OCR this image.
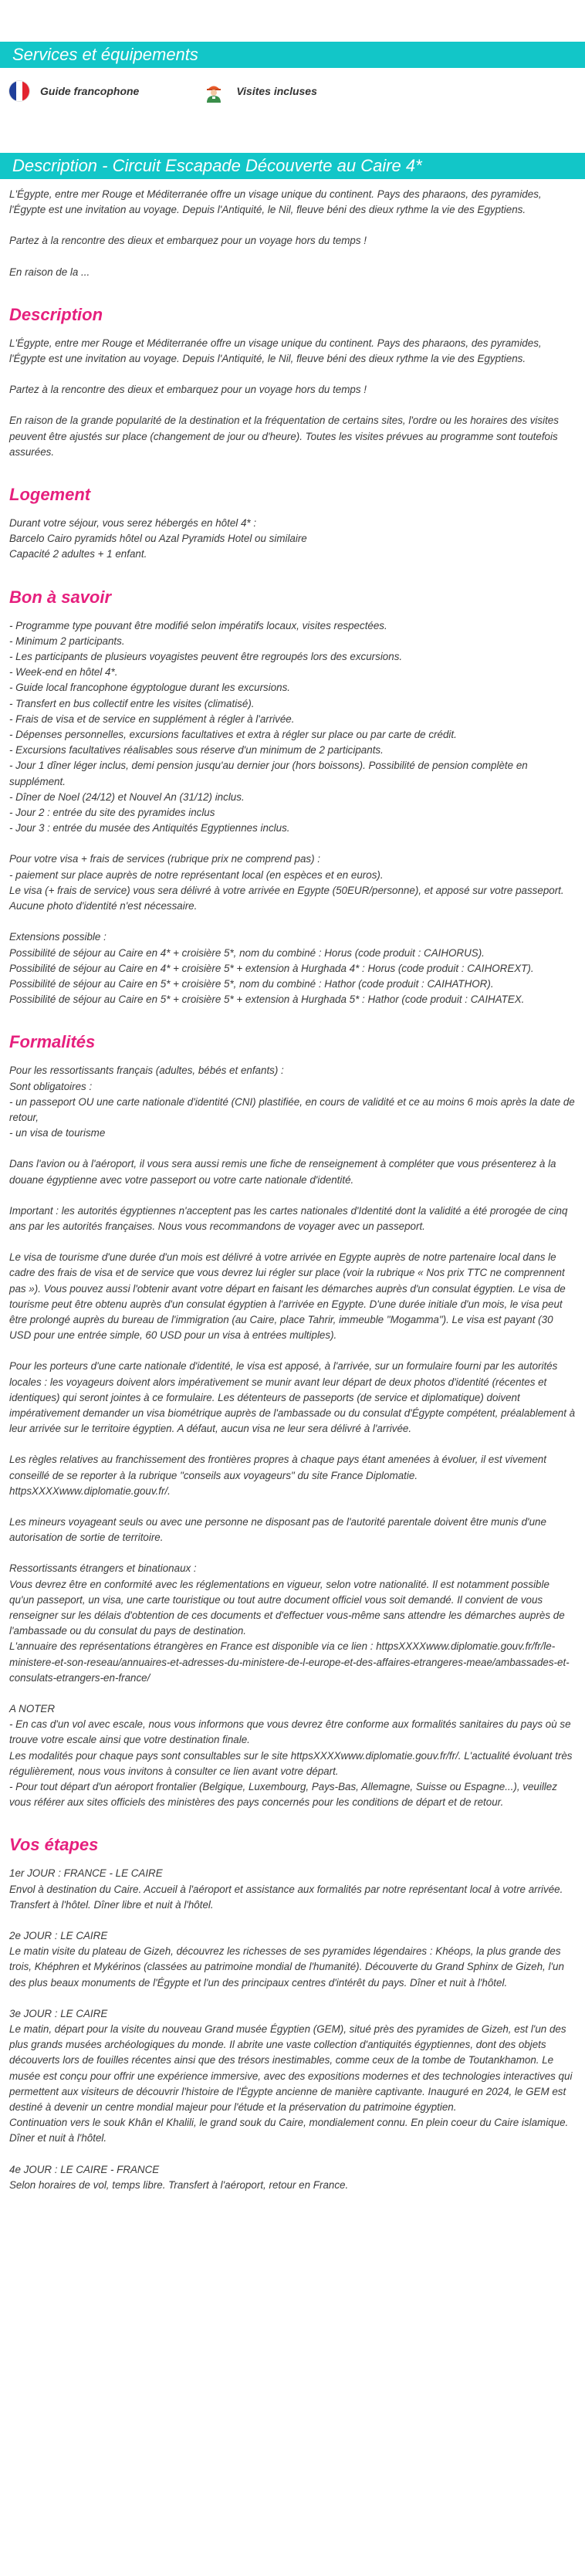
Services et équipements
Guide francophone	Visites incluses
Description - Circuit Escapade Découverte au Caire 4*

L'Égypte, entre mer Rouge et Méditerranée offre un visage unique du continent. Pays des pharaons, des pyramides, l'Égypte est une invitation au voyage. Depuis l'Antiquité, le Nil, fleuve béni des dieux rythme la vie des Egyptiens.

Partez à la rencontre des dieux et embarquez pour un voyage hors du temps !

En raison de la ...

Description

L'Égypte, entre mer Rouge et Méditerranée offre un visage unique du continent. Pays des pharaons, des pyramides, l'Égypte est une invitation au voyage. Depuis l'Antiquité, le Nil, fleuve béni des dieux rythme la vie des Egyptiens.

Partez à la rencontre des dieux et embarquez pour un voyage hors du temps !

En raison de la grande popularité de la destination et la fréquentation de certains sites, l'ordre ou les horaires des visites peuvent être ajustés sur place (changement de jour ou d'heure). Toutes les visites prévues au programme sont toutefois assurées.

Logement

Durant votre séjour, vous serez hébergés en hôtel 4* :
Barcelo Cairo pyramids hôtel ou Azal Pyramids Hotel ou similaire
Capacité 2 adultes + 1 enfant.

Bon à savoir

- Programme type pouvant être modifié selon impératifs locaux, visites respectées.
- Minimum 2 participants.
- Les participants de plusieurs voyagistes peuvent être regroupés lors des excursions.
- Week-end en hôtel 4*.
- Guide local francophone égyptologue durant les excursions.
- Transfert en bus collectif entre les visites (climatisé).
- Frais de visa et de service en supplément à régler à l'arrivée.
- Dépenses personnelles, excursions facultatives et extra à régler sur place ou par carte de crédit.
- Excursions facultatives réalisables sous réserve d'un minimum de 2 participants.
- Jour 1 dîner léger inclus, demi pension jusqu'au dernier jour (hors boissons). Possibilité de pension complète en supplément.
- Dîner de Noel (24/12) et Nouvel An (31/12) inclus.
- Jour 2 : entrée du site des pyramides inclus
- Jour 3 : entrée du musée des Antiquités Egyptiennes inclus.

Pour votre visa + frais de services (rubrique prix ne comprend pas) :
- paiement sur place auprès de notre représentant local (en espèces et en euros).
Le visa (+ frais de service) vous sera délivré à votre arrivée en Egypte (50EUR/personne), et apposé sur votre passeport. Aucune photo d'identité n'est nécessaire.

Extensions possible :
Possibilité de séjour au Caire en 4* + croisière 5*, nom du combiné : Horus (code produit : CAIHORUS).
Possibilité de séjour au Caire en 4* + croisière 5* + extension à Hurghada 4* : Horus (code produit : CAIHOREXT).
Possibilité de séjour au Caire en 5* + croisière 5*, nom du combiné : Hathor (code produit : CAIHATHOR).
Possibilité de séjour au Caire en 5* + croisière 5* + extension à Hurghada 5* : Hathor (code produit : CAIHATEX.

Formalités

Pour les ressortissants français (adultes, bébés et enfants) :
Sont obligatoires :
- un passeport OU une carte nationale d'identité (CNI) plastifiée, en cours de validité et ce au moins 6 mois après la date de retour,
- un visa de tourisme

Dans l'avion ou à l'aéroport, il vous sera aussi remis une fiche de renseignement à compléter que vous présenterez à la douane égyptienne avec votre passeport ou votre carte nationale d'identité.

Important : les autorités égyptiennes n'acceptent pas les cartes nationales d'Identité dont la validité a été prorogée de cinq ans par les autorités françaises. Nous vous recommandons de voyager avec un passeport.

Le visa de tourisme d'une durée d'un mois est délivré à votre arrivée en Egypte auprès de notre partenaire local dans le cadre des frais de visa et de service que vous devrez lui régler sur place (voir la rubrique « Nos prix TTC ne comprennent pas »). Vous pouvez aussi l'obtenir avant votre départ en faisant les démarches auprès d'un consulat égyptien. Le visa de tourisme peut être obtenu auprès d'un consulat égyptien à l'arrivée en Egypte. D'une durée initiale d'un mois, le visa peut être prolongé auprès du bureau de l'immigration (au Caire, place Tahrir, immeuble "Mogamma"). Le visa est payant (30 USD pour une entrée simple, 60 USD pour un visa à entrées multiples).

Pour les porteurs d'une carte nationale d'identité, le visa est apposé, à l'arrivée, sur un formulaire fourni par les autorités locales : les voyageurs doivent alors impérativement se munir avant leur départ de deux photos d'identité (récentes et identiques) qui seront jointes à ce formulaire. Les détenteurs de passeports (de service et diplomatique) doivent impérativement demander un visa biométrique auprès de l'ambassade ou du consulat d'Égypte compétent, préalablement à leur arrivée sur le territoire égyptien. A défaut, aucun visa ne leur sera délivré à l'arrivée.

Les règles relatives au franchissement des frontières propres à chaque pays étant amenées à évoluer, il est vivement conseillé de se reporter à la rubrique "conseils aux voyageurs" du site France Diplomatie.
httpsXXXXwww.diplomatie.gouv.fr/.

Les mineurs voyageant seuls ou avec une personne ne disposant pas de l'autorité parentale doivent être munis d'une autorisation de sortie de territoire.

Ressortissants étrangers et binationaux :
Vous devrez être en conformité avec les réglementations en vigueur, selon votre nationalité. Il est notamment possible qu'un passeport, un visa, une carte touristique ou tout autre document officiel vous soit demandé. Il convient de vous renseigner sur les délais d'obtention de ces documents et d'effectuer vous-même sans attendre les démarches auprès de l'ambassade ou du consulat du pays de destination.
L'annuaire des représentations étrangères en France est disponible via ce lien : httpsXXXXwww.diplomatie.gouv.fr/fr/le-ministere-et-son-reseau/annuaires-et-adresses-du-ministere-de-l-europe-et-des-affaires-etrangeres-meae/ambassades-et-consulats-etrangers-en-france/

A NOTER
- En cas d'un vol avec escale, nous vous informons que vous devrez être conforme aux formalités sanitaires du pays où se trouve votre escale ainsi que votre destination finale.
Les modalités pour chaque pays sont consultables sur le site httpsXXXXwww.diplomatie.gouv.fr/fr/. L'actualité évoluant très régulièrement, nous vous invitons à consulter ce lien avant votre départ.
- Pour tout départ d'un aéroport frontalier (Belgique, Luxembourg, Pays-Bas, Allemagne, Suisse ou Espagne...), veuillez vous référer aux sites officiels des ministères des pays concernés pour les conditions de départ et de retour.

Vos étapes

1er JOUR : FRANCE - LE CAIRE
Envol à destination du Caire. Accueil à l'aéroport et assistance aux formalités par notre représentant local à votre arrivée. Transfert à l'hôtel. Dîner libre et nuit à l'hôtel.

2e JOUR : LE CAIRE
Le matin visite du plateau de Gizeh, découvrez les richesses de ses pyramides légendaires : Khéops, la plus grande des trois, Khéphren et Mykérinos (classées au patrimoine mondial de l'humanité). Découverte du Grand Sphinx de Gizeh, l'un des plus beaux monuments de l'Égypte et l'un des principaux centres d'intérêt du pays. Dîner et nuit à l'hôtel.

3e JOUR : LE CAIRE
Le matin, départ pour la visite du nouveau Grand musée Égyptien (GEM), situé près des pyramides de Gizeh, est l'un des plus grands musées archéologiques du monde. Il abrite une vaste collection d'antiquités égyptiennes, dont des objets découverts lors de fouilles récentes ainsi que des trésors inestimables, comme ceux de la tombe de Toutankhamon. Le musée est conçu pour offrir une expérience immersive, avec des expositions modernes et des technologies interactives qui permettent aux visiteurs de découvrir l'histoire de l'Égypte ancienne de manière captivante. Inauguré en 2024, le GEM est destiné à devenir un centre mondial majeur pour l'étude et la préservation du patrimoine égyptien.
Continuation vers le souk Khân el Khalili, le grand souk du Caire, mondialement connu. En plein coeur du Caire islamique. Dîner et nuit à l'hôtel.

4e JOUR : LE CAIRE - FRANCE
Selon horaires de vol, temps libre. Transfert à l'aéroport, retour en France.
